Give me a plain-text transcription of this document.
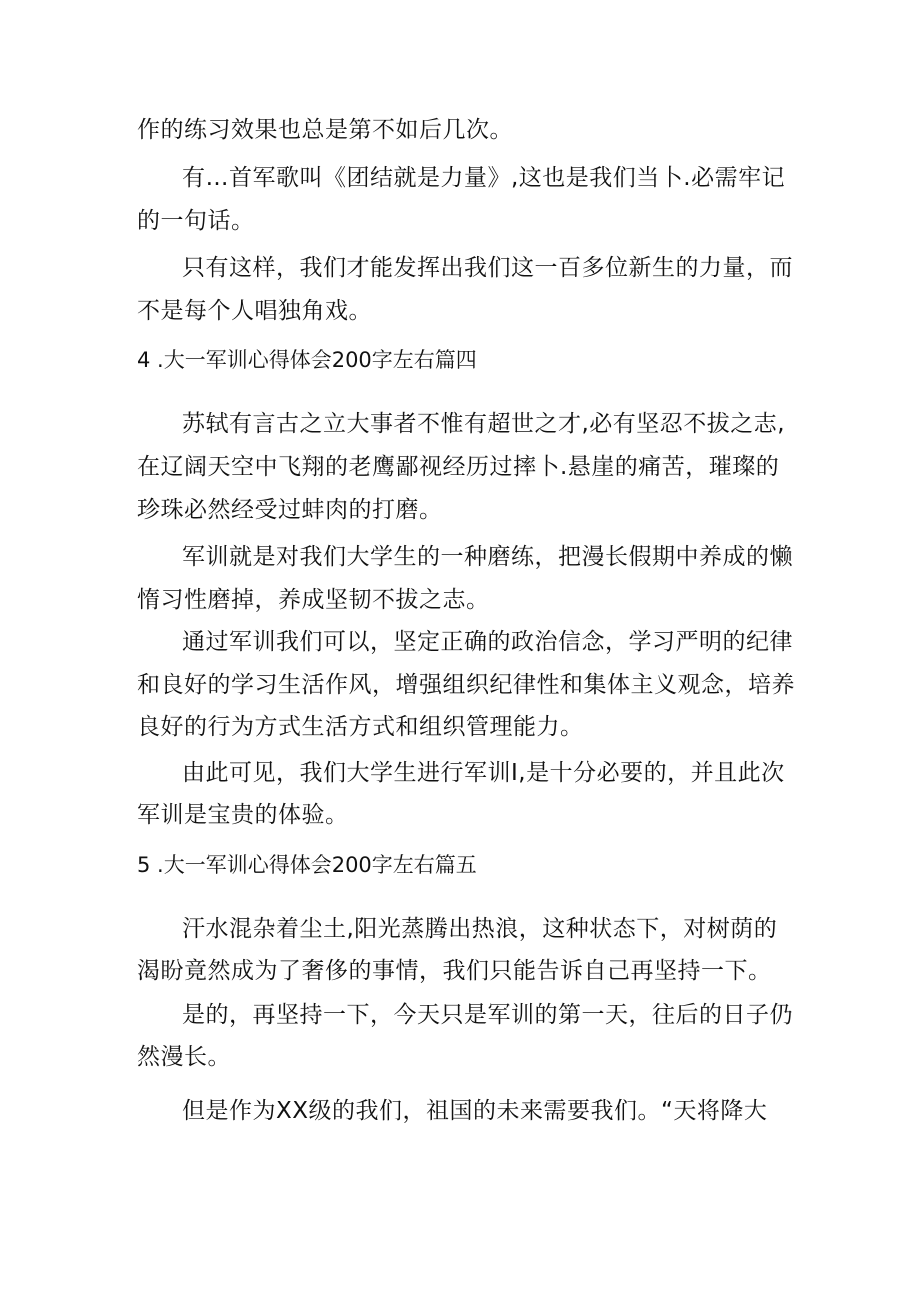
作的练习效果也总是第不如后几次。
有…首军歌叫《团结就是力量》,这也是我们当卜.必需牢记
的一句话。
只有这样，我们才能发挥出我们这一百多位新生的力量，而
不是每个人唱独角戏。
4 .大一军训心得体会200字左右篇四
苏轼有言古之立大事者不惟有超世之才,必有坚忍不拔之志,
在辽阔天空中飞翔的老鹰鄙视经历过摔卜.悬崖的痛苦，璀璨的
珍珠必然经受过蚌肉的打磨。
军训就是对我们大学生的一种磨练，把漫长假期中养成的懒
惰习性磨掉，养成坚韧不拔之志。
通过军训我们可以，坚定正确的政治信念，学习严明的纪律
和良好的学习生活作风，增强组织纪律性和集体主义观念，培养
良好的行为方式生活方式和组织管理能力。
由此可见，我们大学生进行军训I,是十分必要的，并且此次
军训是宝贵的体验。
5 .大一军训心得体会200字左右篇五
汗水混杂着尘土,阳光蒸腾出热浪，这种状态下，对树荫的
渴盼竟然成为了奢侈的事情，我们只能告诉自己再坚持一下。
是的，再坚持一下，今天只是军训的第一天，往后的日子仍
然漫长。
但是作为XX级的我们，祖国的未来需要我们。“天将降大
